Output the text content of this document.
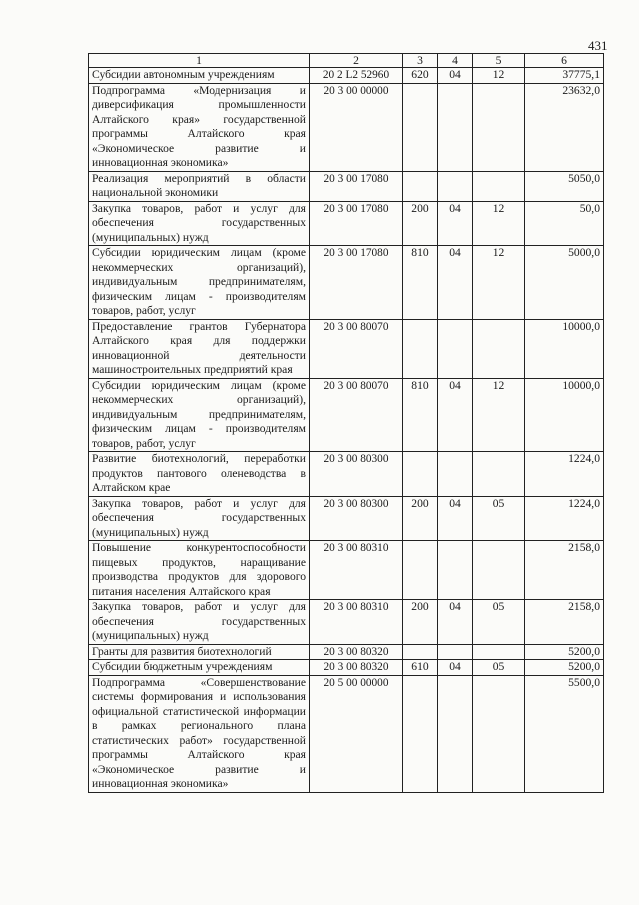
431
1	2	3	4	5	6
Субсидии автономным учреждениям	20 2 L2 52960	620	04	12	37775,1
Подпрограмма «Модернизация и диверсификация промышленности Алтайского края» государственной программы Алтайского края «Экономическое развитие и инновационная экономика»	20 3 00 00000				23632,0
Реализация мероприятий в области национальной экономики	20 3 00 17080				5050,0
Закупка товаров, работ и услуг для обеспечения государственных (муниципальных) нужд	20 3 00 17080	200	04	12	50,0
Субсидии юридическим лицам (кроме некоммерческих организаций), индивидуальным предпринимателям, физическим лицам - производителям товаров, работ, услуг	20 3 00 17080	810	04	12	5000,0
Предоставление грантов Губернатора Алтайского края для поддержки инновационной деятельности машиностроительных предприятий края	20 3 00 80070				10000,0
Субсидии юридическим лицам (кроме некоммерческих организаций), индивидуальным предпринимателям, физическим лицам - производителям товаров, работ, услуг	20 3 00 80070	810	04	12	10000,0
Развитие биотехнологий, переработки продуктов пантового оленеводства в Алтайском крае	20 3 00 80300				1224,0
Закупка товаров, работ и услуг для обеспечения государственных (муниципальных) нужд	20 3 00 80300	200	04	05	1224,0
Повышение конкурентоспособности пищевых продуктов, наращивание производства продуктов для здорового питания населения Алтайского края	20 3 00 80310				2158,0
Закупка товаров, работ и услуг для обеспечения государственных (муниципальных) нужд	20 3 00 80310	200	04	05	2158,0
Гранты для развития биотехнологий	20 3 00 80320				5200,0
Субсидии бюджетным учреждениям	20 3 00 80320	610	04	05	5200,0
Подпрограмма «Совершенствование системы формирования и использования официальной статистической информации в рамках регионального плана статистических работ» государственной программы Алтайского края «Экономическое развитие и инновационная экономика»	20 5 00 00000				5500,0
